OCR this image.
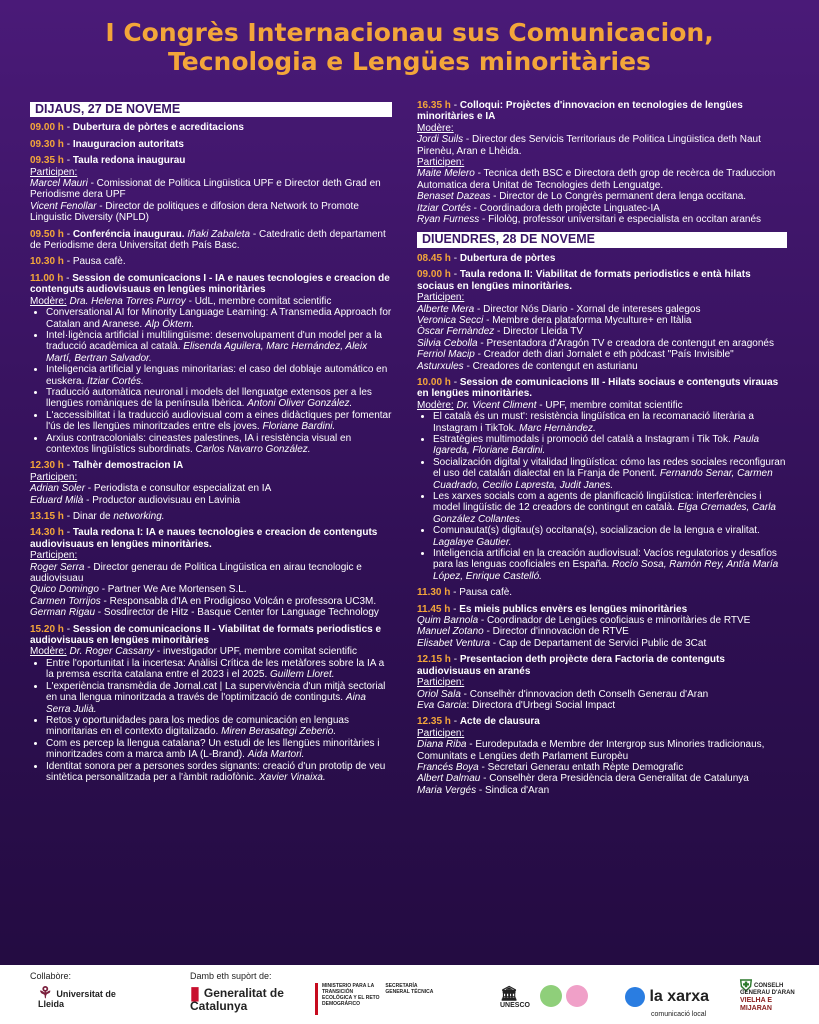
I Congrès Internacionau sus Comunicacion,
Tecnologia e Lengües minoritàries
DIJAUS, 27 DE NOVEME
09.00 h - Dubertura de pòrtes e acreditacions
09.30 h - Inauguracion autoritats
09.35 h - Taula redona inaugurau
Participen:
Marcel Mauri - Comissionat de Politica Lingüistica UPF e Director deth Grad en Periodisme dera UPF
Vicent Fenollar - Director de politiques e difosion dera Network to Promote Linguistic Diversity (NPLD)
09.50 h - Conferéncia inaugurau. Iñaki Zabaleta - Catedratic deth departament de Periodisme dera Universitat deth País Basc.
10.30 h - Pausa cafè.
11.00 h - Session de comunicacions I - IA e naues tecnologies e creacion de contenguts audiovisuaus en lengües minoritàries
Modère: Dra. Helena Torres Purroy - UdL, membre comitat scientific
• Conversational AI for Minority Language Learning: A Transmedia Approach for Catalan and Aranese. Alp Öktem.
• Intel·ligència artificial i multilingüisme: desenvolupament d'un model per a la traducció acadèmica al català. Elisenda Aguilera, Marc Hernández, Aleix Martí, Bertran Salvador.
• Inteligencia artificial y lenguas minoritarias: el caso del doblaje automático en euskera. Itziar Cortés.
• Traducció automàtica neuronal i models del llenguatge extensos per a les llengües romàniques de la península Ibèrica. Antoni Oliver González.
• L'accessibilitat i la traducció audiovisual com a eines didàctiques per fomentar l'ús de les llengües minoritzades entre els joves. Floriane Bardini.
• Arxius contracolonials: cineastes palestines, IA i resistència visual en contextos lingüístics subordinats. Carlos Navarro González.
12.30 h - Talhèr demostracion IA
Participen:
Adrian Soler - Periodista e consultor especializat en IA
Eduard Milà - Productor audiovisuau en Lavinia
13.15 h - Dinar de networking.
14.30 h - Taula redona I: IA e naues tecnologies e creacion de contenguts audiovisuaus en lengües minoritàries.
Participen:
Roger Serra - Director generau de Politica Lingüistica en airau tecnologic e audiovisuau
Quico Domingo - Partner We Are Mortensen S.L.
Carmen Torrijos - Responsabla d'IA en Prodigioso Volcán e professora UC3M.
German Rigau - Sosdirector de Hitz - Basque Center for Language Technology
15.20 h - Session de comunicacions II - Viabilitat de formats periodistics e audiovisuaus en lengües minoritàries
Modère: Dr. Roger Cassany - investigador UPF, membre comitat scientific
• Entre l'oportunitat i la incertesa: Anàlisi Crítica de les metàfores sobre la IA a la premsa escrita catalana entre el 2023 i el 2025. Guillem Lloret.
• L'experiència transmèdia de Jornal.cat | La supervivència d'un mitjà sectorial en una llengua minoritzada a través de l'optimització de continguts. Aina Serra Julià.
• Retos y oportunidades para los medios de comunicación en lenguas minoritarias en el contexto digitalizado. Miren Berasategi Zeberio.
• Com es percep la llengua catalana? Un estudi de les llengües minoritàries i minoritzades com a marca amb IA (L-Brand). Aida Martori.
• Identitat sonora per a persones sordes signants: creació d'un prototip de veu sintètica personalitzada per a l'àmbit radiofònic. Xavier Vinaixa.
16.35 h - Colloqui: Projèctes d'innovacion en tecnologies de lengües minoritàries e IA
Modère:
Jordi Suils - Director des Servicis Territoriaus de Politica Lingüistica deth Naut Pirenèu, Aran e Lhèida.
Participen:
Maite Melero - Tecnica deth BSC e Directora deth grop de recèrca de Traduccion Automatica dera Unitat de Tecnologies deth Lenguatge.
Benaset Dazeas - Director de Lo Congrès permanent dera lenga occitana.
Itziar Cortés - Coordinadora deth projècte Linguatec-IA
Ryan Furness - Filològ, professor universitari e especialista en occitan aranés
DIUENDRES, 28 DE NOVEME
08.45 h - Dubertura de pòrtes
09.00 h - Taula redona II: Viabilitat de formats periodistics e entà hilats sociaus en lengües minoritàries.
Participen:
Alberte Mera - Director Nós Diario - Xornal de intereses galegos
Veronica Secci - Membre dera plataforma Myculture+ en Itàlia
Òscar Fernàndez - Director Lleida TV
Silvia Cebolla - Presentadora d'Aragón TV e creadora de contengut en aragonés
Ferriol Macip - Creador deth diari Jornalet e eth pòdcast "País Invisible"
Asturxules - Creadores de contengut en asturianu
10.00 h - Session de comunicacions III - Hilats sociaus e contenguts virauas en lengües minoritàries.
Modère: Dr. Vicent Climent - UPF, membre comitat scientific
• El català és un must': resistència lingüística en la recomanació literària a Instagram i TikTok. Marc Hernàndez.
• Estratègies multimodals i promoció del català a Instagram i Tik Tok. Paula Igareda, Floriane Bardini.
• Socialización digital y vitalidad lingüística: cómo las redes sociales reconfiguran el uso del catalán dialectal en la Franja de Ponent. Fernando Senar, Carmen Cuadrado, Cecilio Lapresta, Judit Janes.
• Les xarxes socials com a agents de planificació lingüística: interferències i model lingüístic de 12 creadors de contingut en català. Elga Cremades, Carla González Collantes.
• Comunautat(s) digitau(s) occitana(s), socializacion de la lengua e viralitat. Lagalaye Gautier.
• Inteligencia artificial en la creación audiovisual: Vacíos regulatorios y desafíos para las lenguas cooficiales en España. Rocío Sosa, Ramón Rey, Antía María López, Enrique Castelló.
11.30 h - Pausa cafè.
11.45 h - Es mieis publics envèrs es lengües minoritàries
Quim Barnola - Coordinador de Lengües cooficiaus e minoritàries de RTVE
Manuel Zotano - Director d'innovacion de RTVE
Elisabet Ventura - Cap de Departament de Servici Public de 3Cat
12.15 h - Presentacion deth projècte dera Factoria de contenguts audiovisuaus en aranés
Participen:
Oriol Sala - Conselhèr d'innovacion deth Conselh Generau d'Aran
Eva Garcia: Directora d'Urbegi Social Impact
12.35 h - Acte de clausura
Participen:
Diana Riba - Eurodeputada e Membre der Intergrop sus Minories tradicionaus, Comunitats e Lengües deth Parlament Europèu
Francés Boya - Secretari Generau entath Rèpte Demografic
Albert Dalmau - Conselhèr dera Presidència dera Generalitat de Catalunya
Maria Vergés - Sindica d'Aran
Collabòre:
⚘ Universitat de Lleida
Damb eth supòrt de:
▮ Generalitat de Catalunya
MINISTERIO PARA LA TRANSICIÓN ECOLÓGICA Y EL RETO DEMOGRÁFICO SECRETARÍA GENERAL TÉCNICA	🏛
UNESCO

la xarxa
comunicació local
⛨ CONSELH GENERAU D'ARAN
VIELHA E MIJARAN
